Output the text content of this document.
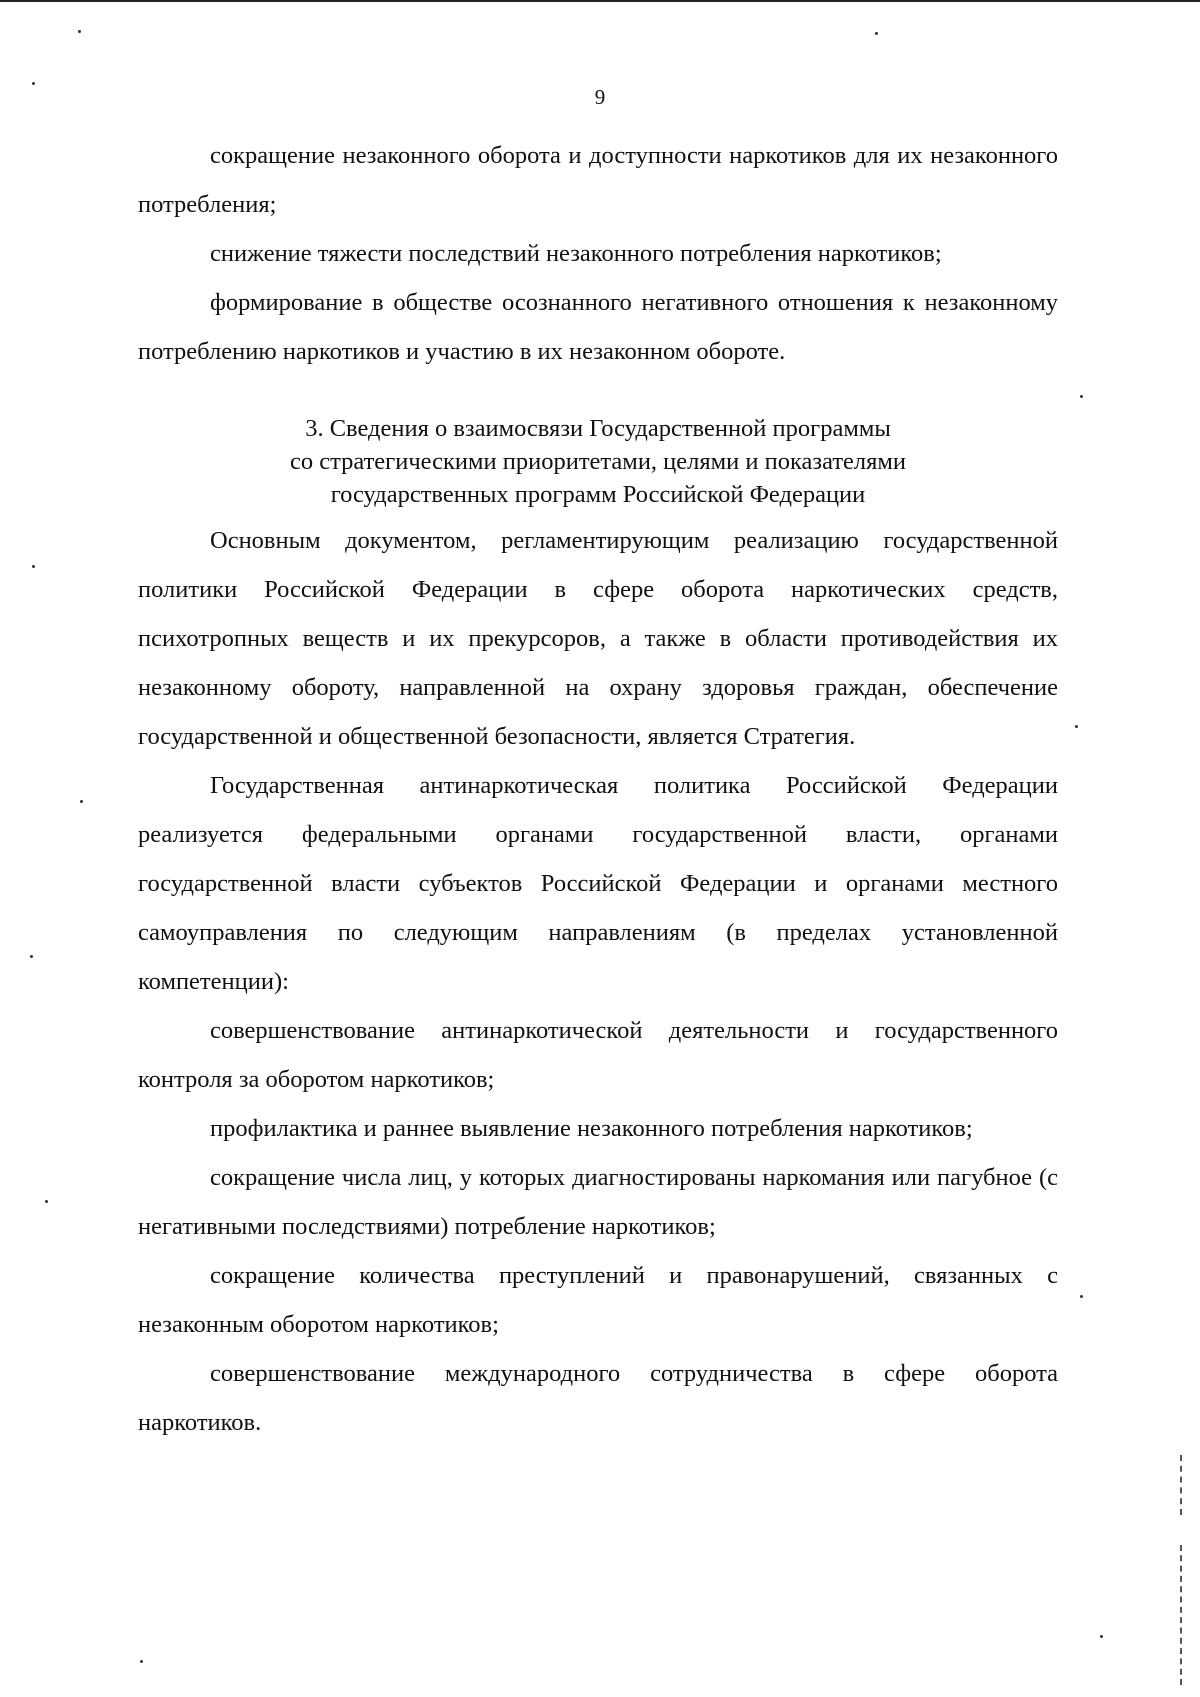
9

сокращение незаконного оборота и доступности наркотиков для их незаконного потребления;

снижение тяжести последствий незаконного потребления наркотиков;

формирование в обществе осознанного негативного отношения к незаконному потреблению наркотиков и участию в их незаконном обороте.

3. Сведения о взаимосвязи Государственной программы
со стратегическими приоритетами, целями и показателями
государственных программ Российской Федерации

Основным документом, регламентирующим реализацию государственной политики Российской Федерации в сфере оборота наркотических средств, психотропных веществ и их прекурсоров, а также в области противодействия их незаконному обороту, направленной на охрану здоровья граждан, обеспечение государственной и общественной безопасности, является Стратегия.

Государственная антинаркотическая политика Российской Федерации реализуется федеральными органами государственной власти, органами государственной власти субъектов Российской Федерации и органами местного самоуправления по следующим направлениям (в пределах установленной компетенции):

совершенствование антинаркотической деятельности и государственного контроля за оборотом наркотиков;

профилактика и раннее выявление незаконного потребления наркотиков;

сокращение числа лиц, у которых диагностированы наркомания или пагубное (с негативными последствиями) потребление наркотиков;

сокращение количества преступлений и правонарушений, связанных с незаконным оборотом наркотиков;

совершенствование международного сотрудничества в сфере оборота наркотиков.
